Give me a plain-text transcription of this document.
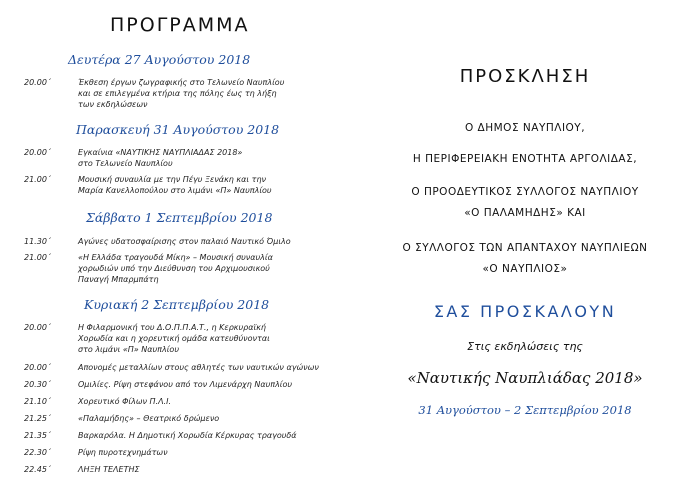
ΠΡΟΓΡΑΜΜΑ
Δευτέρα 27 Αυγούστου 2018
20.00΄	Έκθεση έργων ζωγραφικής στο Τελωνείο Ναυπλίου
και σε επιλεγμένα κτήρια της πόλης έως τη λήξη
των εκδηλώσεων
Παρασκευή 31 Αυγούστου 2018
20.00΄	Εγκαίνια «ΝΑΥΤΙΚΗΣ ΝΑΥΠΛΙΑΔΑΣ 2018»
στο Τελωνείο Ναυπλίου
21.00΄	Μουσική συναυλία με την Πέγυ Ξενάκη και την
Μαρία Κανελλοπούλου στο λιμάνι «Π» Ναυπλίου
Σάββατο 1 Σεπτεμβρίου 2018
11.30΄	Αγώνες υδατοσφαίρισης στον παλαιό Ναυτικό Όμιλο
21.00΄	«Η Ελλάδα τραγουδά Μίκη» – Μουσική συναυλία
χορωδιών υπό την Διεύθυνση του Αρχιμουσικού
Παναγή Μπαρμπάτη
Κυριακή 2 Σεπτεμβρίου 2018
20.00΄	Η Φιλαρμονική του Δ.Ο.Π.Π.Α.Τ., η Κερκυραϊκή
Χορωδία και η χορευτική ομάδα κατευθύνονται
στο λιμάνι «Π» Ναυπλίου
20.00΄	Απονομές μεταλλίων στους αθλητές των ναυτικών αγώνων
20.30΄	Ομιλίες. Ρίψη στεφάνου από τον Λιμενάρχη Ναυπλίου
21.10΄	Χορευτικό Φίλων Π.Λ.Ι.
21.25΄	«Παλαμήδης» – Θεατρικό δρώμενο
21.35΄	Βαρκαρόλα. Η Δημοτική Χορωδία Κέρκυρας τραγουδά
22.30΄	Ρίψη πυροτεχνημάτων
22.45΄	ΛΗΞΗ ΤΕΛΕΤΗΣ
ΠΡΟΣΚΛΗΣΗ
Ο ΔΗΜΟΣ ΝΑΥΠΛΙΟΥ,
Η ΠΕΡΙΦΕΡΕΙΑΚΗ ΕΝΟΤΗΤΑ ΑΡΓΟΛΙΔΑΣ,
Ο ΠΡΟΟΔΕΥΤΙΚΟΣ ΣΥΛΛΟΓΟΣ ΝΑΥΠΛΙΟΥ
«Ο ΠΑΛΑΜΗΔΗΣ» ΚΑΙ
Ο ΣΥΛΛΟΓΟΣ ΤΩΝ ΑΠΑΝΤΑΧΟΥ ΝΑΥΠΛΙΕΩΝ
«Ο ΝΑΥΠΛΙΟΣ»
ΣΑΣ ΠΡΟΣΚΑΛΟΥΝ
Στις εκδηλώσεις της
«Ναυτικής Ναυπλιάδας 2018»
31 Αυγούστου – 2 Σεπτεμβρίου 2018
